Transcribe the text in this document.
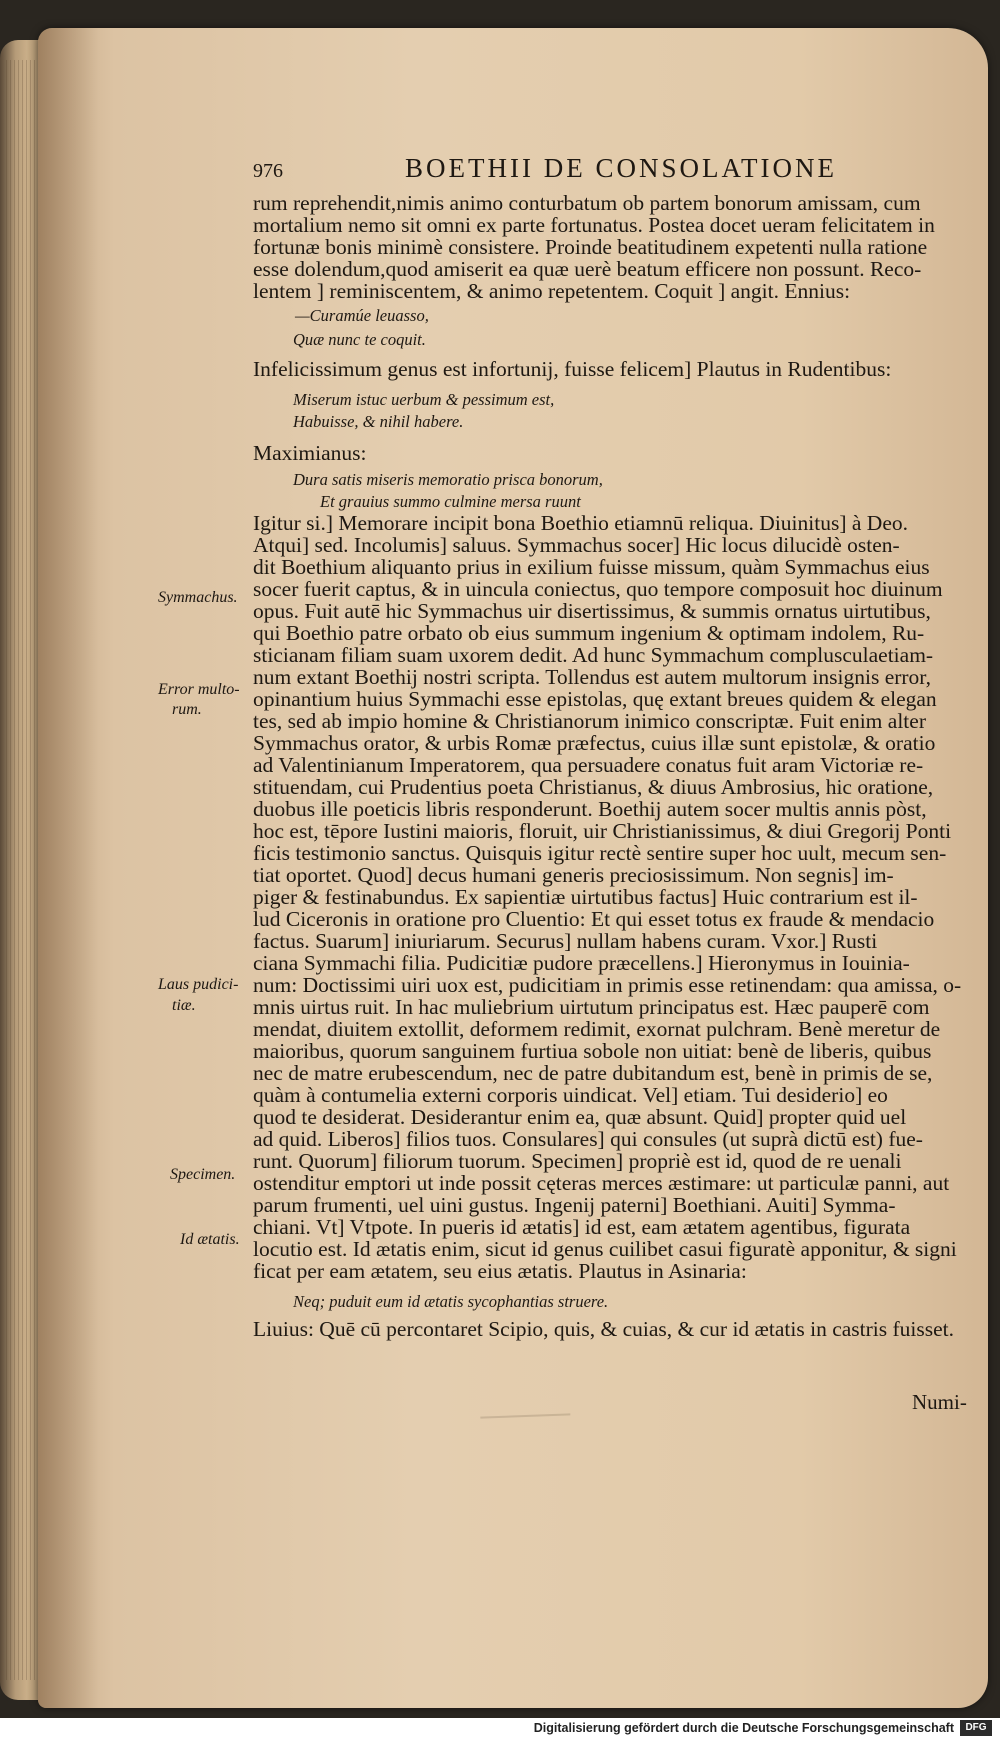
976	BOETHII DE CONSOLATIONE
rum reprehendit,nimis animo conturbatum ob partem bonorum amissam, cum
mortalium nemo sit omni ex parte fortunatus. Postea docet ueram felicitatem in
fortunæ bonis minimè consistere. Proinde beatitudinem expetenti nulla ratione
esse dolendum,quod amiserit ea quæ uerè beatum efficere non possunt. Reco-
lentem ] reminiscentem, & animo repetentem. Coquit ] angit. Ennius:
—Curamúe leuasso,
Quæ nunc te coquit.
Infelicissimum genus est infortunij, fuisse felicem] Plautus in Rudentibus:
Miserum istuc uerbum & pessimum est,
Habuisse, & nihil habere.
Maximianus:
Dura satis miseris memoratio prisca bonorum,
Et grauius summo culmine mersa ruunt
Igitur si.] Memorare incipit bona Boethio etiamnū reliqua. Diuinitus] à Deo.
Atqui] sed. Incolumis] saluus. Symmachus socer] Hic locus dilucidè osten-
dit Boethium aliquanto prius in exilium fuisse missum, quàm Symmachus eius
socer fuerit captus, & in uincula coniectus, quo tempore composuit hoc diuinum
opus. Fuit autē hic Symmachus uir disertissimus, & summis ornatus uirtutibus,
qui Boethio patre orbato ob eius summum ingenium & optimam indolem, Ru-
sticianam filiam suam uxorem dedit. Ad hunc Symmachum complusculaetiam-
num extant Boethij nostri scripta. Tollendus est autem multorum insignis error,
opinantium huius Symmachi esse epistolas, quę extant breues quidem & elegan
tes, sed ab impio homine & Christianorum inimico conscriptæ. Fuit enim alter
Symmachus orator, & urbis Romæ præfectus, cuius illæ sunt epistolæ, & oratio
ad Valentinianum Imperatorem, qua persuadere conatus fuit aram Victoriæ re-
stituendam, cui Prudentius poeta Christianus, & diuus Ambrosius, hic oratione,
duobus ille poeticis libris responderunt. Boethij autem socer multis annis pòst,
hoc est, tēpore Iustini maioris, floruit, uir Christianissimus, & diui Gregorij Ponti
ficis testimonio sanctus. Quisquis igitur rectè sentire super hoc uult, mecum sen-
tiat oportet. Quod] decus humani generis preciosissimum. Non segnis] im-
piger & festinabundus. Ex sapientiæ uirtutibus factus] Huic contrarium est il-
lud Ciceronis in oratione pro Cluentio: Et qui esset totus ex fraude & mendacio
factus. Suarum] iniuriarum. Securus] nullam habens curam. Vxor.] Rusti
ciana Symmachi filia. Pudicitiæ pudore præcellens.] Hieronymus in Iouinia-
num: Doctissimi uiri uox est, pudicitiam in primis esse retinendam: qua amissa, o-
mnis uirtus ruit. In hac muliebrium uirtutum principatus est. Hæc pauperē com
mendat, diuitem extollit, deformem redimit, exornat pulchram. Benè meretur de
maioribus, quorum sanguinem furtiua sobole non uitiat: benè de liberis, quibus
nec de matre erubescendum, nec de patre dubitandum est, benè in primis de se,
quàm à contumelia externi corporis uindicat. Vel] etiam. Tui desiderio] eo
quod te desiderat. Desiderantur enim ea, quæ absunt. Quid] propter quid uel
ad quid. Liberos] filios tuos. Consulares] qui consules (ut suprà dictū est) fue-
runt. Quorum] filiorum tuorum. Specimen] propriè est id, quod de re uenali
ostenditur emptori ut inde possit cęteras merces æstimare: ut particulæ panni, aut
parum frumenti, uel uini gustus. Ingenij paterni] Boethiani. Auiti] Symma-
chiani. Vt] Vtpote. In pueris id ætatis] id est, eam ætatem agentibus, figurata
locutio est. Id ætatis enim, sicut id genus cuilibet casui figuratè apponitur, & signi
ficat per eam ætatem, seu eius ætatis. Plautus in Asinaria:
Neq; puduit eum id ætatis sycophantias struere.
Liuius: Quē cū percontaret Scipio, quis, & cuias, & cur id ætatis in castris fuisset.
Numi-
Symmachus.
Error multo-
rum.
Laus pudici-
tiæ.
Specimen.
Id ætatis.
Digitalisierung gefördert durch die Deutsche Forschungsgemeinschaft	DFG
